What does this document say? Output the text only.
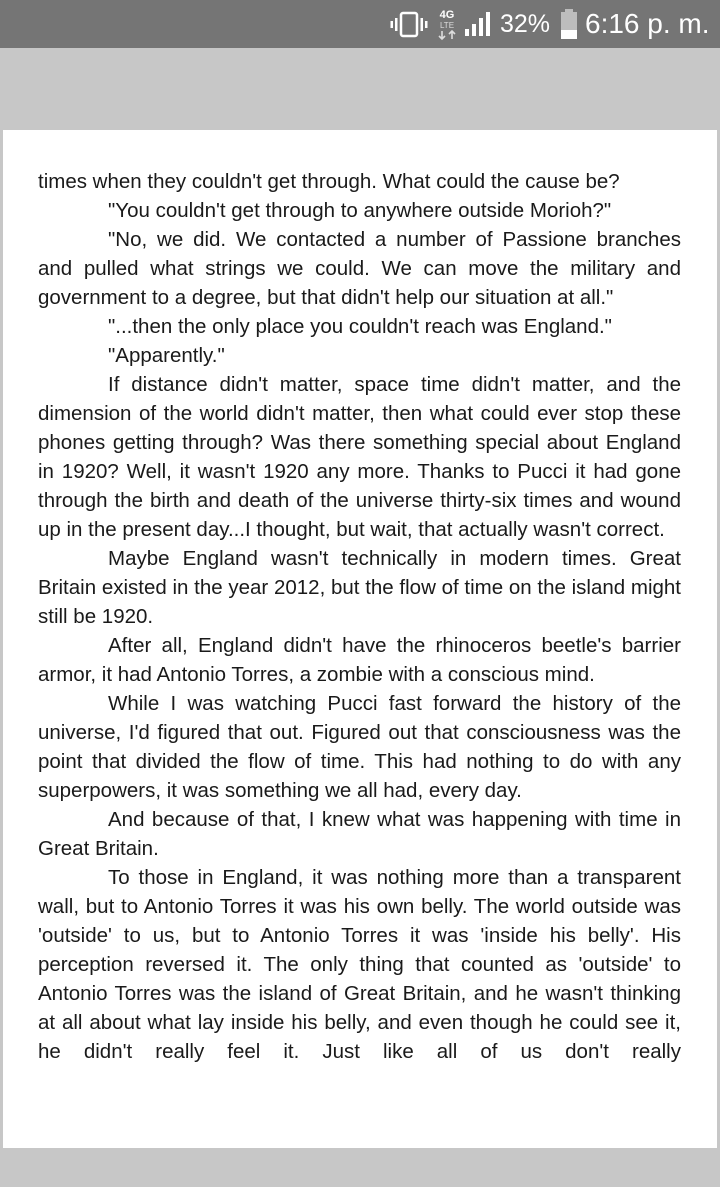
4G
LTE 32% 6:16 p. m.

times when they couldn't get through. What could the cause be?

"You couldn't get through to anywhere outside Morioh?"

"No, we did. We contacted a number of Passione branches and pulled what strings we could. We can move the military and government to a degree, but that didn't help our situation at all."

"...then the only place you couldn't reach was England."

"Apparently."

If distance didn't matter, space time didn't matter, and the dimension of the world didn't matter, then what could ever stop these phones getting through? Was there something special about England in 1920? Well, it wasn't 1920 any more. Thanks to Pucci it had gone through the birth and death of the universe thirty-six times and wound up in the present day...I thought, but wait, that actually wasn't correct.

Maybe England wasn't technically in modern times. Great Britain existed in the year 2012, but the flow of time on the island might still be 1920.

After all, England didn't have the rhinoceros beetle's barrier armor, it had Antonio Torres, a zombie with a conscious mind.

While I was watching Pucci fast forward the history of the universe, I'd figured that out. Figured out that consciousness was the point that divided the flow of time. This had nothing to do with any superpowers, it was something we all had, every day.

And because of that, I knew what was happening with time in Great Britain.

To those in England, it was nothing more than a transparent wall, but to Antonio Torres it was his own belly. The world outside was 'outside' to us, but to Antonio Torres it was 'inside his belly'. His perception reversed it. The only thing that counted as 'outside' to Antonio Torres was the island of Great Britain, and he wasn't thinking at all about what lay inside his belly, and even though he could see it, he didn't really feel it. Just like all of us don't really
